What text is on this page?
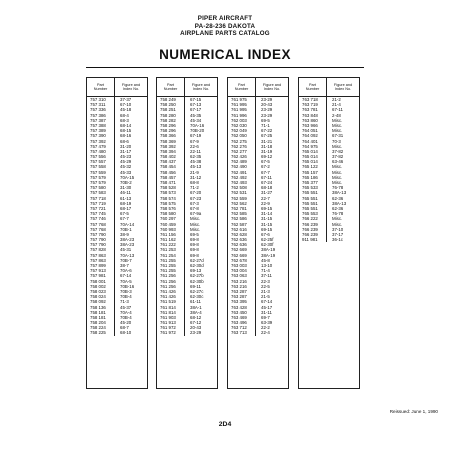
PIPER AIRCRAFT
PA-28-236 DAKOTA
AIRPLANE PARTS CATALOG
NUMERICAL INDEX
Part
Number
Figure and
Index No.
757 310	37-37
757 311	67-10
757 336	45-18
757 386	68-4
757 387	68-3
757 388	68-14
757 389	68-15
757 390	68-16
757 392	68-6
757 479	31-20
757 480	31-17
757 556	45-23
757 557	45-29
757 558	45-32
757 559	45-33
757 579	70A-15
757 579	70B-2
757 580	31-30
757 583	46-11
757 718	61-13
757 719	68-19
757 721	68-17
757 745	67-5
757 746	67-7
757 768	70A-14
757 768	70B-1
757 790	38-9
757 790	38A-23
757 790	38A-23
757 828	45-31
757 863	70A-13
757 863	70B-7
757 899	38-7
757 913	70A-6
757 981	67-14
758 001	70A-5
758 002	70B-16
758 023	70B-3
758 024	70B-4
758 092	71-3
758 136	45-37
758 181	70A-4
758 181	70B-4
758 204	45-20
758 224	68-7
758 225	68-10
Part
Number
Figure and
Index No.
758 249	67-15
758 250	67-13
758 251	67-17
758 280	45-35
758 282	45-34
758 296	70A-16
758 296	70B-20
758 366	67-19
758 369	67-9
758 392	22-6
758 394	22-11
758 402	62-35
758 437	45-38
758 454	45-13
758 456	21-9
758 457	31-12
758 471	68-8
758 528	71-2
758 573	67-20
758 574	67-23
758 575	67-3
758 576	67-8
758 580	67-9a
760 297	Misc.
760 459	Misc.
760 993	Misc.
761 156	69-5
761 162	69-8
761 222	69-8
761 253	69-8
761 254	69-8
761 255	62-27d
761 255	62-30d
761 255	69-13
761 256	62-27b
761 256	62-30b
761 256	69-11
761 426	62-27c
761 426	62-30c
761 519	61-11
761 814	38A-1
761 814	38A-4
761 903	68-12
761 913	67-12
761 972	20-43
761 972	23-29
Part
Number
Figure and
Index No.
761 975	23-29
761 995	20-43
761 995	23-29
761 996	23-29
762 003	69-5
762 030	71-1
762 049	67-22
762 050	67-25
762 275	31-21
762 276	31-18
762 277	31-19
762 426	69-12
762 489	67-5
762 490	67-2
762 491	67-7
762 492	67-11
762 493	67-24
762 508	68-18
762 531	31-27
762 559	22-7
762 562	22-9
762 781	69-15
762 585	31-14
762 586	31-15
762 587	31-15
762 616	69-15
762 628	67-6
762 636	62-25f
762 636	62-30f
762 669	38A-19
762 669	38A-19
762 678	45-8
763 003	13-10
763 004	71-4
763 063	37-11
763 216	22-3
763 216	22-5
763 287	21-3
763 287	21-5
763 395	67-14
763 428	45-17
763 450	31-11
763 469	69-7
763 496	63-39
763 712	22-2
763 713	22-4
Part
Number
Figure and
Index No.
763 718	21-2
763 719	21-4
763 781	67-11
763 848	2-48
763 860	Misc.
763 966	Misc.
764 051	Misc.
764 092	67-31
764 401	70-3
764 975	Misc.
765 014	37-82
765 014	37-82
765 014	63-46
765 122	Misc.
765 157	Misc.
765 186	Misc.
765 377	Misc.
765 533	76-78
765 551	38A-13
765 551	62-36
765 551	38A-13
765 551	62-36
765 553	76-78
766 222	Misc.
766 239	Misc.
766 239	37-10
766 239	37-17
911 981	36-1c
Reissued: June 1, 1990
2D4
